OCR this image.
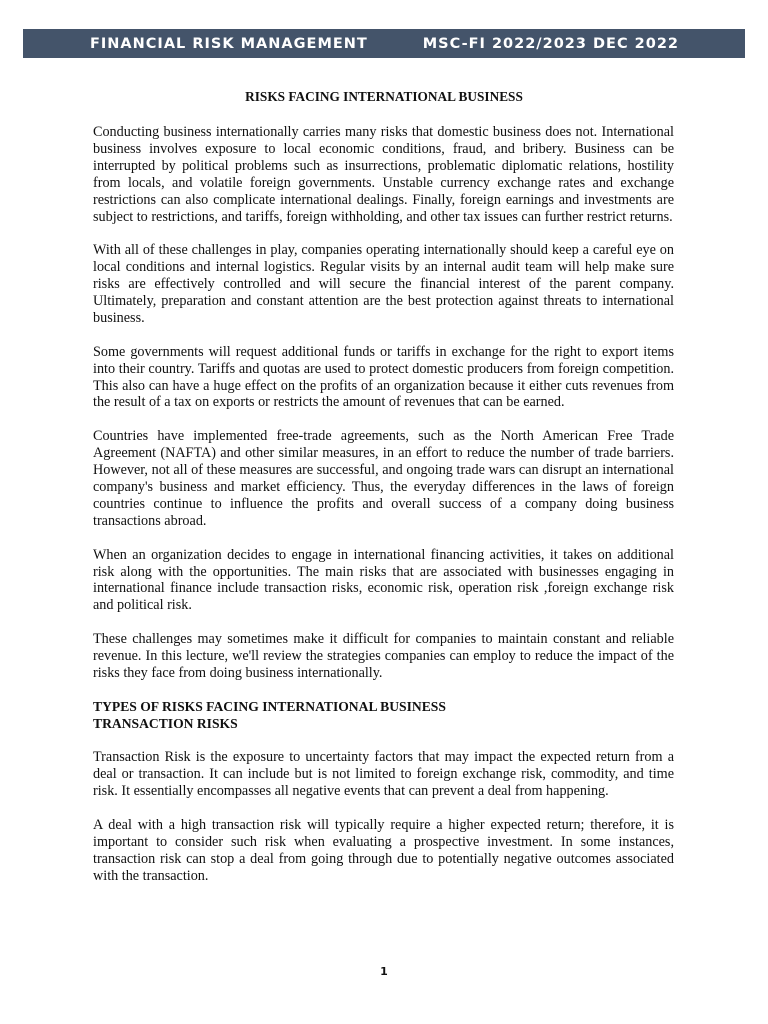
FINANCIAL RISK MANAGEMENT	MSC-FI 2022/2023 DEC 2022
RISKS FACING INTERNATIONAL BUSINESS

Conducting business internationally carries many risks that domestic business does not. International business involves exposure to local economic conditions, fraud, and bribery. Business can be interrupted by political problems such as insurrections, problematic diplomatic relations, hostility from locals, and volatile foreign governments. Unstable currency exchange rates and exchange restrictions can also complicate international dealings. Finally, foreign earnings and investments are subject to restrictions, and tariffs, foreign withholding, and other tax issues can further restrict returns.

With all of these challenges in play, companies operating internationally should keep a careful eye on local conditions and internal logistics. Regular visits by an internal audit team will help make sure risks are effectively controlled and will secure the financial interest of the parent company. Ultimately, preparation and constant attention are the best protection against threats to international business.

Some governments will request additional funds or tariffs in exchange for the right to export items into their country. Tariffs and quotas are used to protect domestic producers from foreign competition. This also can have a huge effect on the profits of an organization because it either cuts revenues from the result of a tax on exports or restricts the amount of revenues that can be earned.

Countries have implemented free-trade agreements, such as the North American Free Trade Agreement (NAFTA) and other similar measures, in an effort to reduce the number of trade barriers. However, not all of these measures are successful, and ongoing trade wars can disrupt an international company's business and market efficiency. Thus, the everyday differences in the laws of foreign countries continue to influence the profits and overall success of a company doing business transactions abroad.

When an organization decides to engage in international financing activities, it takes on additional risk along with the opportunities. The main risks that are associated with businesses engaging in international finance include transaction risks, economic risk, operation risk ,foreign exchange risk and political risk.

These challenges may sometimes make it difficult for companies to maintain constant and reliable revenue. In this lecture, we'll review the strategies companies can employ to reduce the impact of the risks they face from doing business internationally.

TYPES OF RISKS FACING INTERNATIONAL BUSINESS
TRANSACTION RISKS

Transaction Risk is the exposure to uncertainty factors that may impact the expected return from a deal or transaction. It can include but is not limited to foreign exchange risk, commodity, and time risk. It essentially encompasses all negative events that can prevent a deal from happening.

A deal with a high transaction risk will typically require a higher expected return; therefore, it is important to consider such risk when evaluating a prospective investment. In some instances, transaction risk can stop a deal from going through due to potentially negative outcomes associated with the transaction.

1
